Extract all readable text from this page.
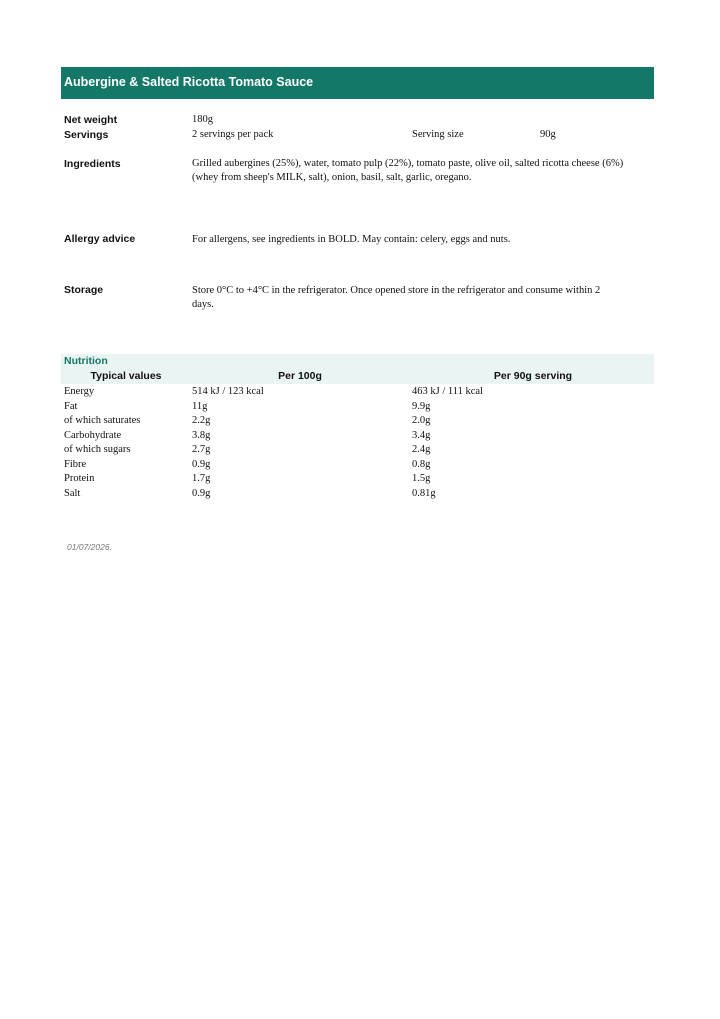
Aubergine & Salted Ricotta Tomato Sauce
Net weight	180g
Servings	2 servings per pack	Serving size	90g
Ingredients	Grilled aubergines (25%), water, tomato pulp (22%), tomato paste, olive oil, salted ricotta cheese (6%) (whey from sheep's MILK, salt), onion, basil, salt, garlic, oregano.
Allergy advice	For allergens, see ingredients in BOLD. May contain: celery, eggs and nuts.
Storage	Store 0°C to +4°C in the refrigerator. Once opened store in the refrigerator and consume within 2 days.
Nutrition
Typical values	Per 100g	Per 90g serving
Energy	514 kJ / 123 kcal	463 kJ / 111 kcal
Fat	11g	9.9g
of which saturates	2.2g	2.0g
Carbohydrate	3.8g	3.4g
of which sugars	2.7g	2.4g
Fibre	0.9g	0.8g
Protein	1.7g	1.5g
Salt	0.9g	0.81g
01/07/2026.
